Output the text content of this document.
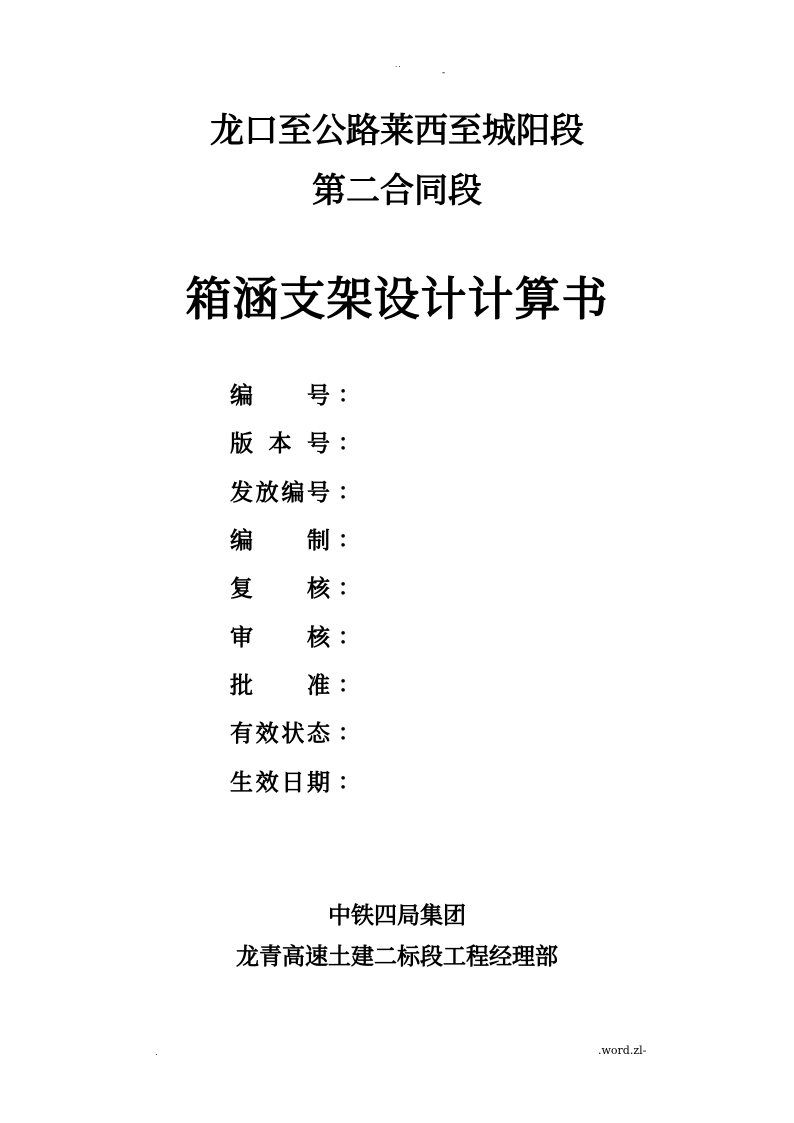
··
-
龙口至公路莱西至城阳段
第二合同段
箱涵支架设计计算书
编 号 ：
版 本 号 ：
发 放 编 号 ：
编 制 ：
复 核 ：
审 核 ：
批 准 ：
有 效 状 态 ：
生 效 日 期 ：
中铁四局集团
龙青高速土建二标段工程经理部
.	.word.zl-
